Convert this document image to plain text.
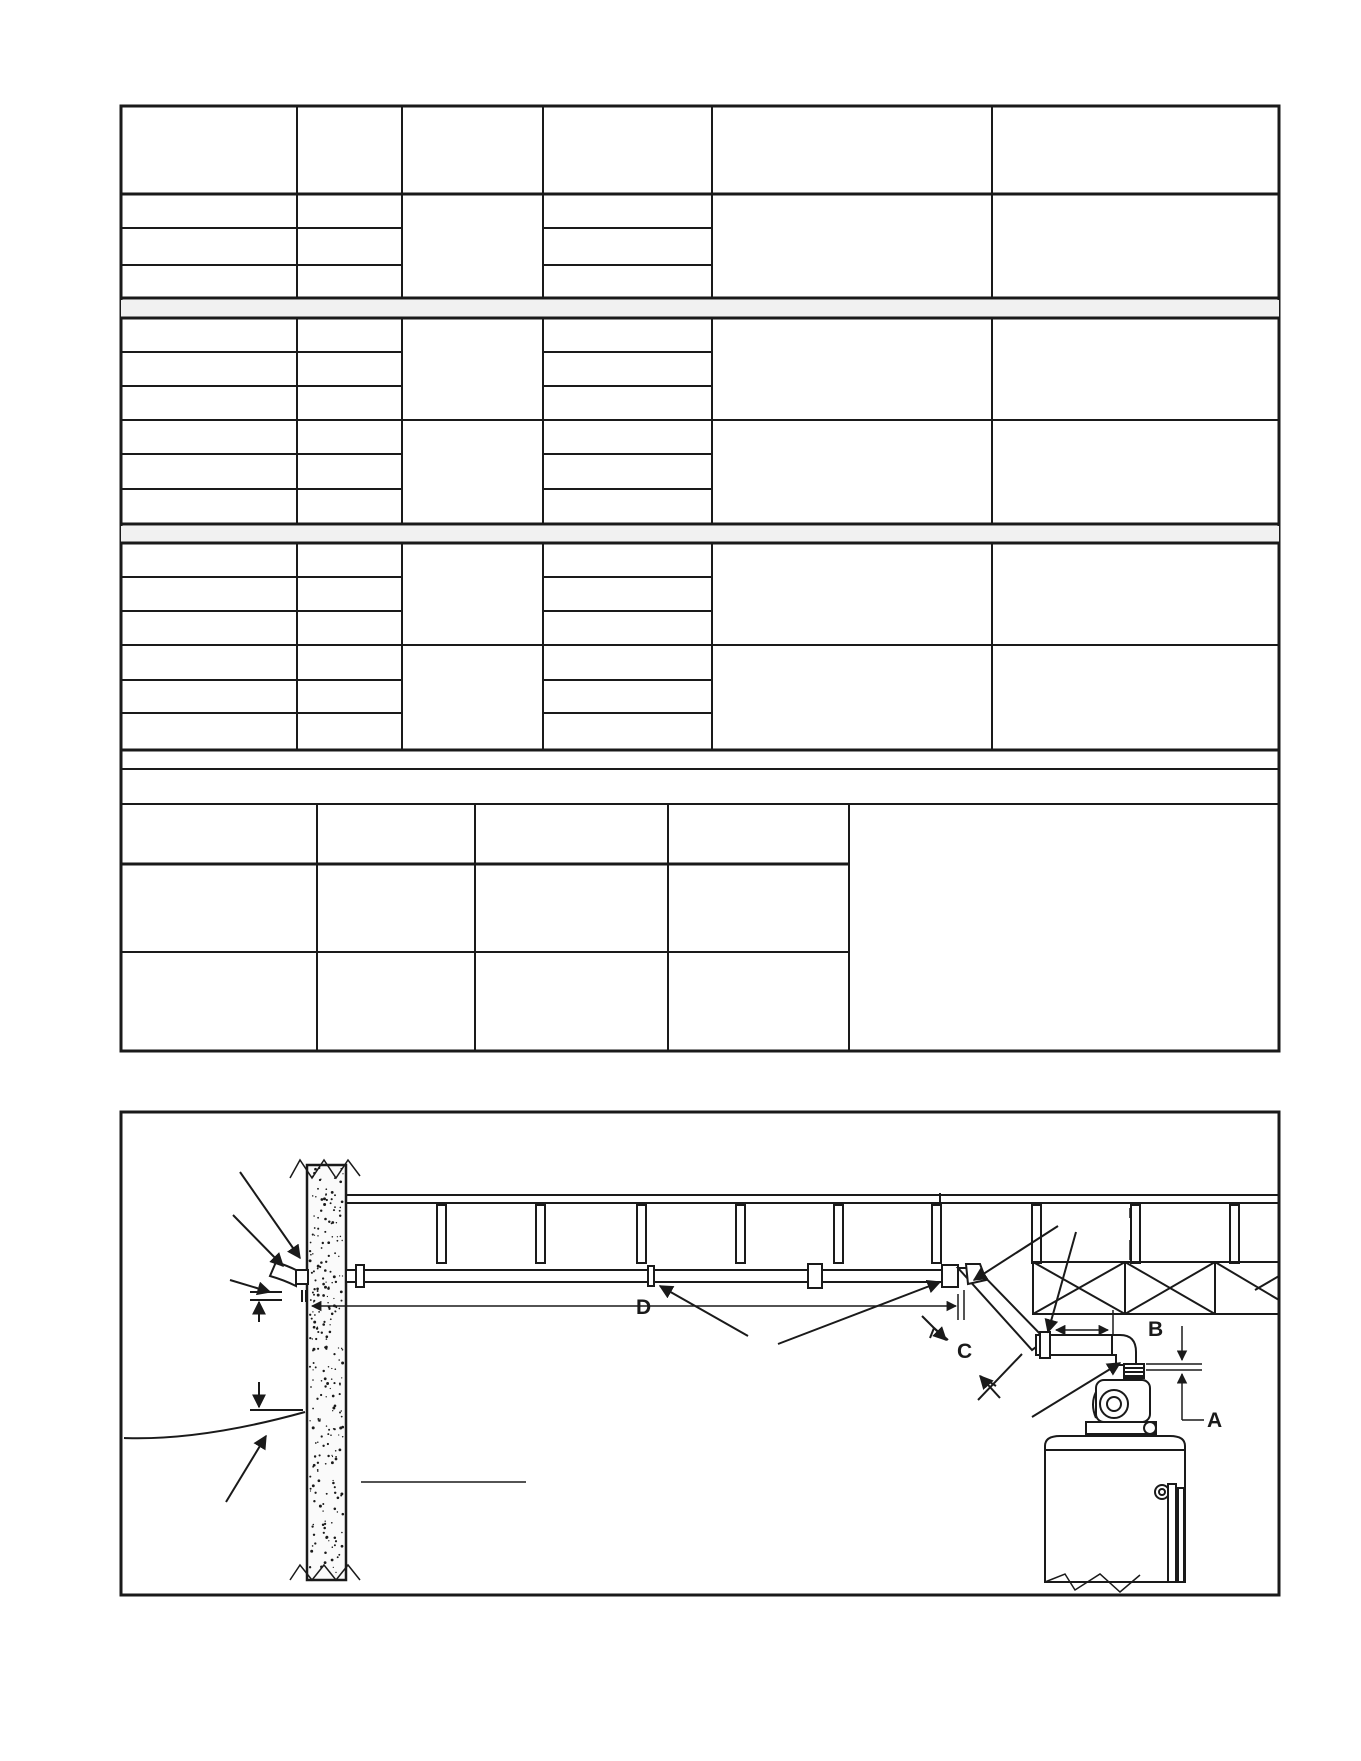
D
C
B
A
